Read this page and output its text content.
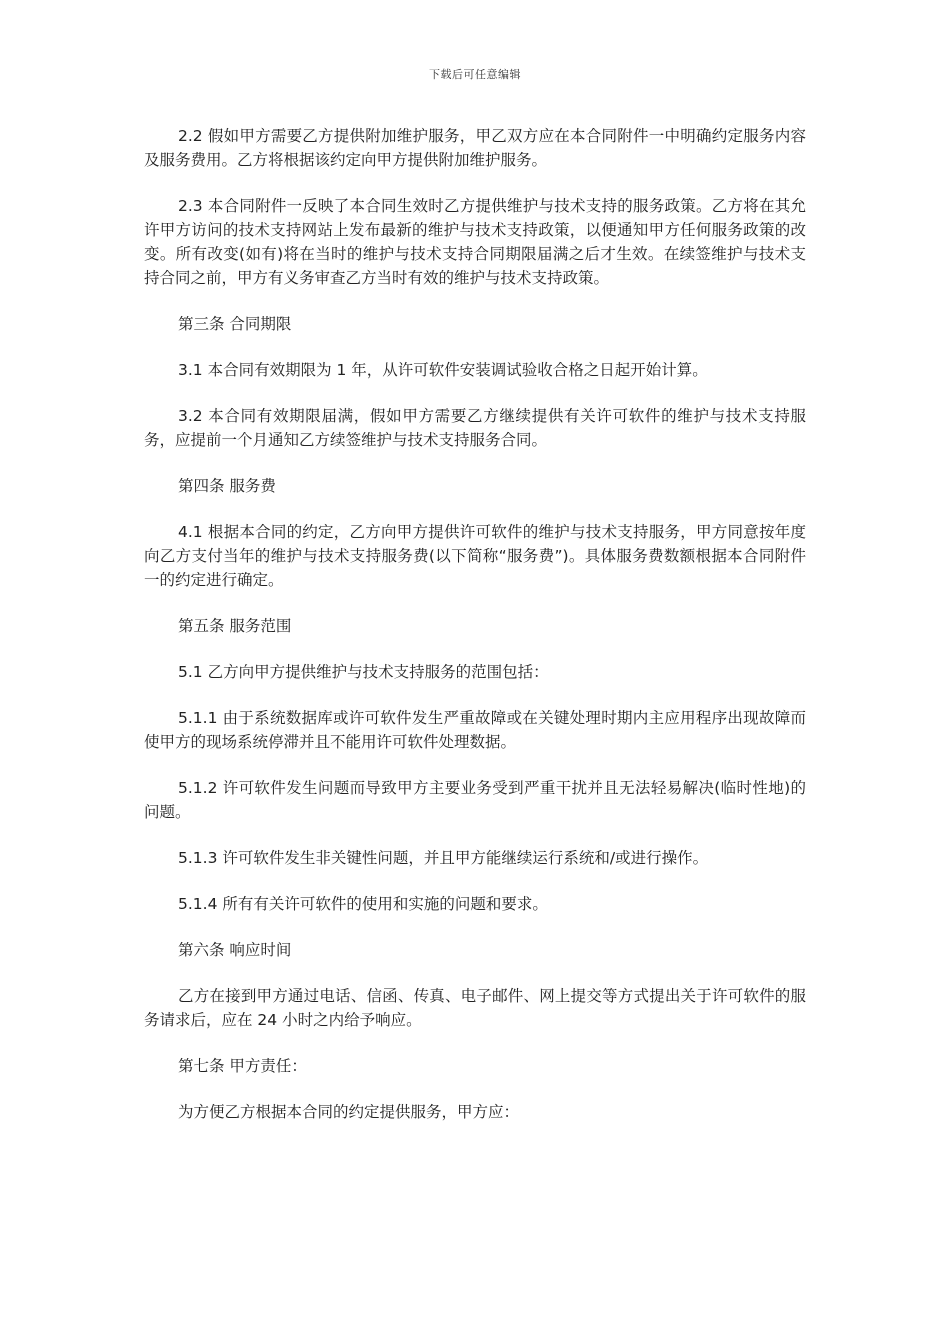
下载后可任意编辑

2.2 假如甲方需要乙方提供附加维护服务，甲乙双方应在本合同附件一中明确约定服务内容及服务费用。乙方将根据该约定向甲方提供附加维护服务。

2.3 本合同附件一反映了本合同生效时乙方提供维护与技术支持的服务政策。乙方将在其允许甲方访问的技术支持网站上发布最新的维护与技术支持政策，以便通知甲方任何服务政策的改变。所有改变(如有)将在当时的维护与技术支持合同期限届满之后才生效。在续签维护与技术支持合同之前，甲方有义务审查乙方当时有效的维护与技术支持政策。

第三条 合同期限

3.1 本合同有效期限为 1 年，从许可软件安装调试验收合格之日起开始计算。

3.2 本合同有效期限届满，假如甲方需要乙方继续提供有关许可软件的维护与技术支持服务，应提前一个月通知乙方续签维护与技术支持服务合同。

第四条 服务费

4.1 根据本合同的约定，乙方向甲方提供许可软件的维护与技术支持服务，甲方同意按年度向乙方支付当年的维护与技术支持服务费(以下简称“服务费”)。具体服务费数额根据本合同附件一的约定进行确定。

第五条 服务范围

5.1 乙方向甲方提供维护与技术支持服务的范围包括：

5.1.1 由于系统数据库或许可软件发生严重故障或在关键处理时期内主应用程序出现故障而使甲方的现场系统停滞并且不能用许可软件处理数据。

5.1.2 许可软件发生问题而导致甲方主要业务受到严重干扰并且无法轻易解决(临时性地)的问题。

5.1.3 许可软件发生非关键性问题，并且甲方能继续运行系统和/或进行操作。

5.1.4 所有有关许可软件的使用和实施的问题和要求。

第六条 响应时间

乙方在接到甲方通过电话、信函、传真、电子邮件、网上提交等方式提出关于许可软件的服务请求后，应在 24 小时之内给予响应。

第七条 甲方责任：

为方便乙方根据本合同的约定提供服务，甲方应：
